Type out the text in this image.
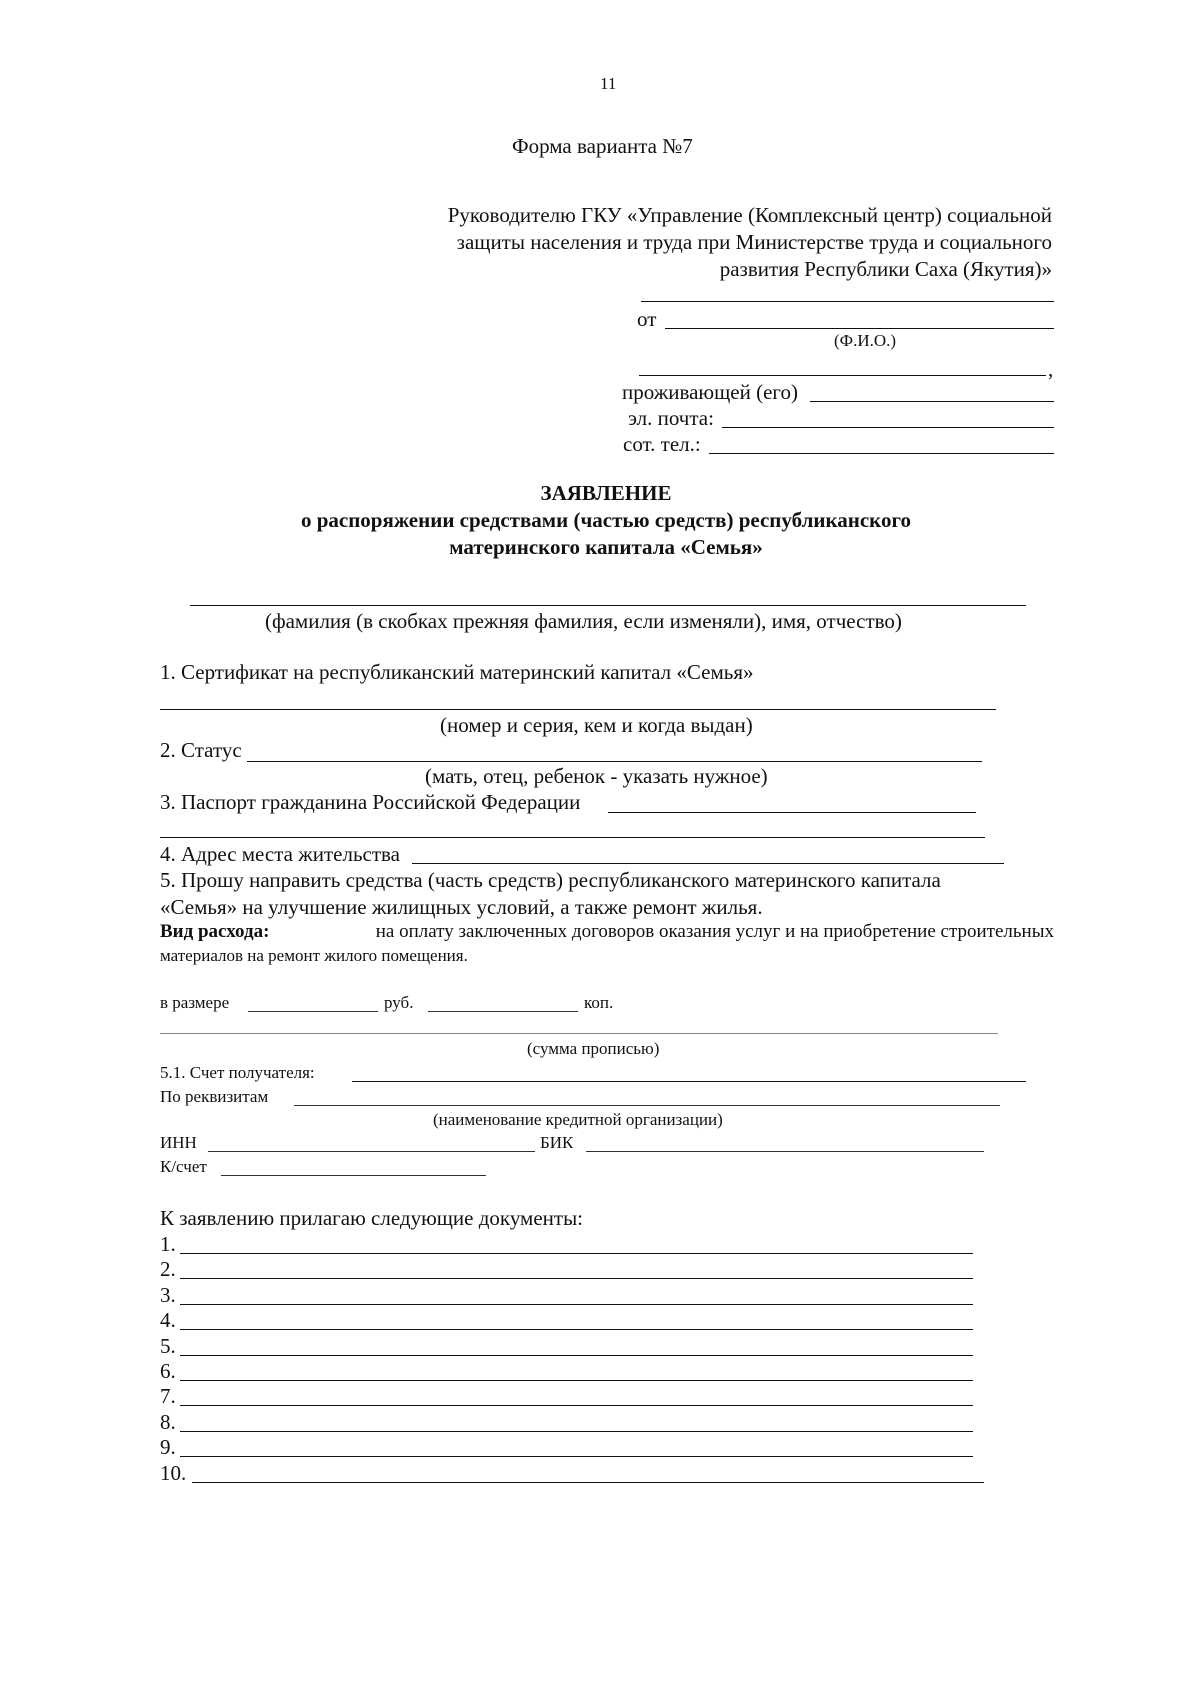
11
Форма варианта №7
Руководителю ГКУ «Управление (Комплексный центр) социальной
защиты населения и труда при Министерстве труда и социального
развития Республики Саха (Якутия)»
от
(Ф.И.О.)
,
проживающей (его)
эл. почта:
сот. тел.:
ЗАЯВЛЕНИЕ
о распоряжении средствами (частью средств) республиканского
материнского капитала «Семья»
(фамилия (в скобках прежняя фамилия, если изменяли), имя, отчество)
1. Сертификат на республиканский материнский капитал «Семья»
(номер и серия, кем и когда выдан)
2. Статус
(мать, отец, ребенок - указать нужное)
3. Паспорт гражданина Российской Федерации
4. Адрес места жительства
5. Прошу направить средства (часть средств) республиканского материнского капитала
«Семья» на улучшение жилищных условий, а также ремонт жилья.
Вид расхода:	на оплату заключенных договоров оказания услуг и на приобретение строительных
материалов на ремонт жилого помещения.
в размере	руб.	коп.
(сумма прописью)
5.1. Счет получателя:
По реквизитам
(наименование кредитной организации)
ИНН	БИК
К/счет
К заявлению прилагаю следующие документы:
1.
2.
3.
4.
5.
6.
7.
8.
9.
10.
